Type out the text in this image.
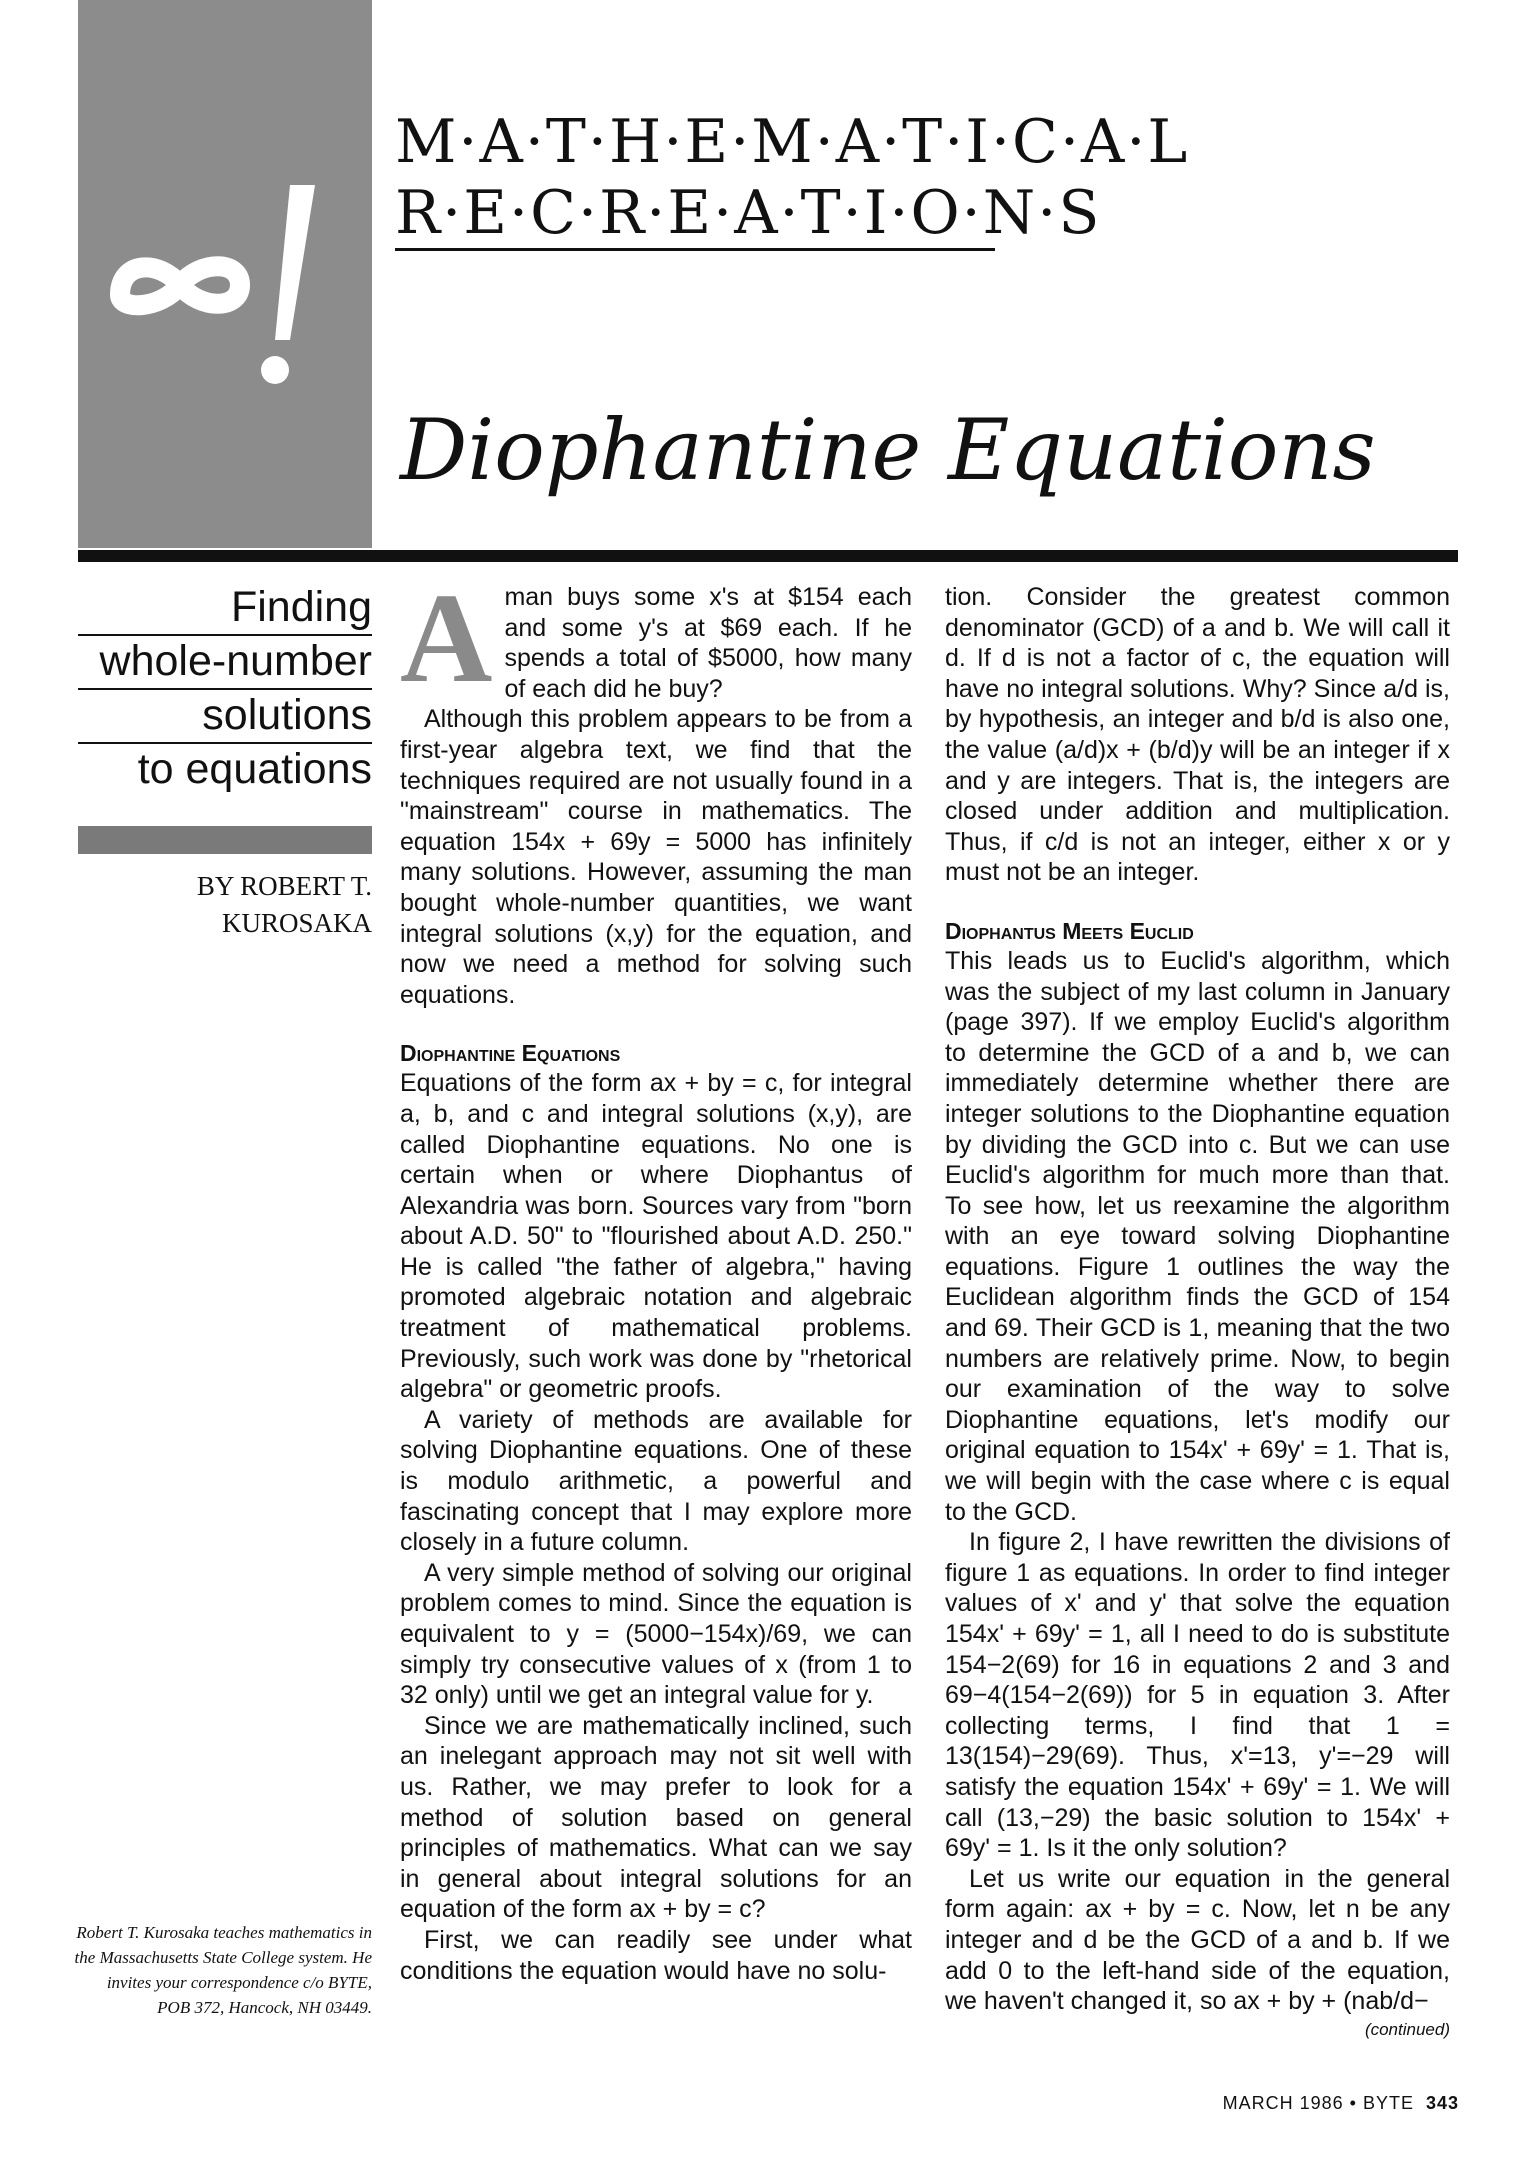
M·A·T·H·E·M·A·T·I·C·A·L
R·E·C·R·E·A·T·I·O·N·S
Diophantine Equations
Finding
whole-number
solutions
to equations
BY ROBERT T.
KUROSAKA
Robert T. Kurosaka teaches mathematics in the Massachusetts State College system. He invites your correspondence c/o BYTE, POB 372, Hancock, NH 03449.

A man buys some x's at $154 each and some y's at $69 each. If he spends a total of $5000, how many of each did he buy?

Although this problem appears to be from a first-year algebra text, we find that the techniques required are not usually found in a "mainstream" course in mathematics. The equation 154x + 69y = 5000 has infinitely many solutions. However, assuming the man bought whole-number quantities, we want integral solutions (x,y) for the equation, and now we need a method for solving such equations.

Diophantine Equations

Equations of the form ax + by = c, for integral a, b, and c and integral solutions (x,y), are called Diophantine equations. No one is certain when or where Diophantus of Alexandria was born. Sources vary from "born about A.D. 50" to "flourished about A.D. 250." He is called "the father of algebra," having promoted algebraic notation and algebraic treatment of mathematical problems. Previously, such work was done by "rhetorical algebra" or geometric proofs.

A variety of methods are available for solving Diophantine equations. One of these is modulo arithmetic, a powerful and fascinating concept that I may explore more closely in a future column.

A very simple method of solving our original problem comes to mind. Since the equation is equivalent to y = (5000−154x)/69, we can simply try consecutive values of x (from 1 to 32 only) until we get an integral value for y.

Since we are mathematically inclined, such an inelegant approach may not sit well with us. Rather, we may prefer to look for a method of solution based on general principles of mathematics. What can we say in general about integral solutions for an equation of the form ax + by = c?

First, we can readily see under what conditions the equation would have no solu-

tion. Consider the greatest common denominator (GCD) of a and b. We will call it d. If d is not a factor of c, the equation will have no integral solutions. Why? Since a/d is, by hypothesis, an integer and b/d is also one, the value (a/d)x + (b/d)y will be an integer if x and y are integers. That is, the integers are closed under addition and multiplication. Thus, if c/d is not an integer, either x or y must not be an integer.

Diophantus Meets Euclid

This leads us to Euclid's algorithm, which was the subject of my last column in January (page 397). If we employ Euclid's algorithm to determine the GCD of a and b, we can immediately determine whether there are integer solutions to the Diophantine equation by dividing the GCD into c. But we can use Euclid's algorithm for much more than that. To see how, let us reexamine the algorithm with an eye toward solving Diophantine equations. Figure 1 outlines the way the Euclidean algorithm finds the GCD of 154 and 69. Their GCD is 1, meaning that the two numbers are relatively prime. Now, to begin our examination of the way to solve Diophantine equations, let's modify our original equation to 154x' + 69y' = 1. That is, we will begin with the case where c is equal to the GCD.

In figure 2, I have rewritten the divisions of figure 1 as equations. In order to find integer values of x' and y' that solve the equation 154x' + 69y' = 1, all I need to do is substitute 154−2(69) for 16 in equations 2 and 3 and 69−4(154−2(69)) for 5 in equation 3. After collecting terms, I find that 1 = 13(154)−29(69). Thus, x'=13, y'=−29 will satisfy the equation 154x' + 69y' = 1. We will call (13,−29) the basic solution to 154x' + 69y' = 1. Is it the only solution?

Let us write our equation in the general form again: ax + by = c. Now, let n be any integer and d be the GCD of a and b. If we add 0 to the left-hand side of the equation, we haven't changed it, so ax + by + (nab/d−

(continued)
MARCH 1986 • BYTE 343
